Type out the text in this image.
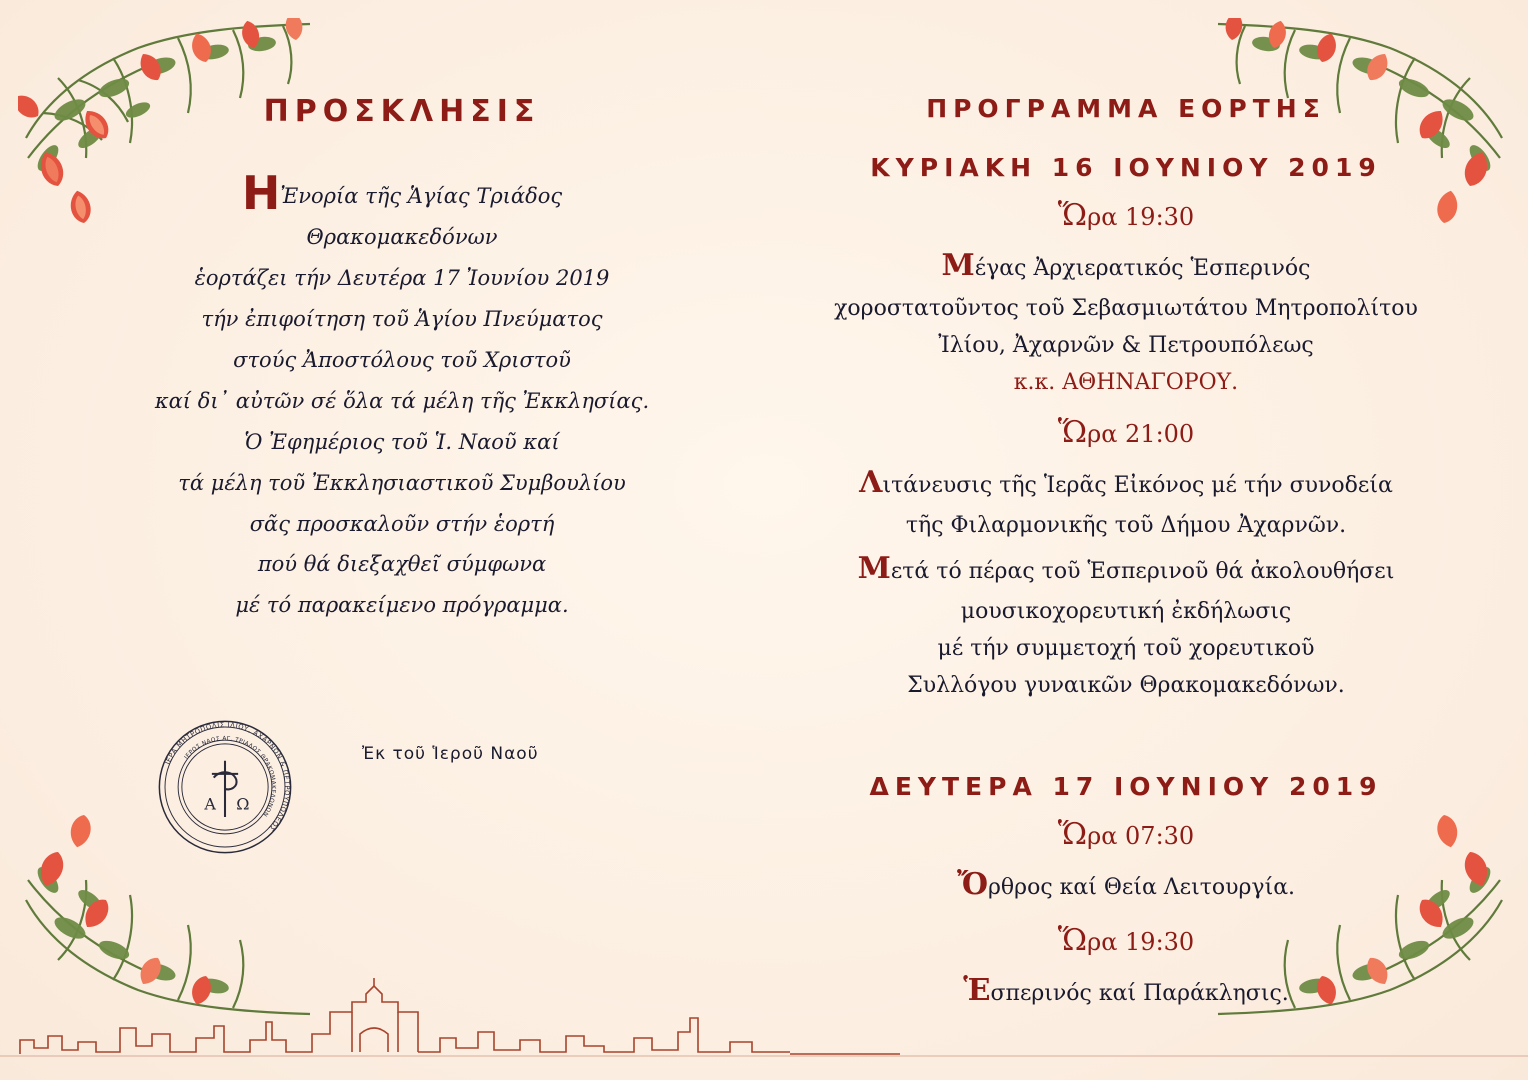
ΠΡΟΣΚΛΗΣΙΣ

ΗἘνορία τῆς Ἁγίας Τριάδος

Θρακομακεδόνων

ἑορτάζει τήν Δευτέρα 17 Ἰουνίου 2019

τήν ἐπιφοίτηση τοῦ Ἁγίου Πνεύματος

στούς Ἀποστόλους τοῦ Χριστοῦ

καί δι᾿ αὐτῶν σέ ὅλα τά μέλη τῆς Ἐκκλησίας.

Ὁ Ἐφημέριος τοῦ Ἱ. Ναοῦ καί

τά μέλη τοῦ Ἐκκλησιαστικοῦ Συμβουλίου

σᾶς προσκαλοῦν στήν ἑορτή

πού θά διεξαχθεῖ σύμφωνα

μέ τό παρακείμενο πρόγραμμα.

ΙΕΡΑ ΜΗΤΡΟΠΟΛΙΣ ΙΛΙΟΥ, ΑΧΑΡΝΩΝ & ΠΕΤΡΟΥΠΟΛΕΩΣ
ΙΕΡΟΣ ΝΑΟΣ ΑΓ. ΤΡΙΑΔΟΣ ΘΡΑΚΟΜΑΚΕΔΟΝΩΝ
Α Ω
Ἐκ τοῦ Ἱεροῦ Ναοῦ
ΠΡΟΓΡΑΜΜΑ ΕΟΡΤΗΣ
ΚΥΡΙΑΚΗ 16 ΙΟΥΝΙΟΥ 2019
Ὥρα 19:30

Μέγας Ἀρχιερατικός Ἑσπερινός

χοροστατοῦντος τοῦ Σεβασμιωτάτου Μητροπολίτου

Ἰλίου, Ἀχαρνῶν & Πετρουπόλεως

κ.κ. ΑΘΗΝΑΓΟΡΟΥ.

Ὥρα 21:00

Λιτάνευσις τῆς Ἱερᾶς Εἰκόνος μέ τήν συνοδεία

τῆς Φιλαρμονικῆς τοῦ Δήμου Ἀχαρνῶν.

Μετά τό πέρας τοῦ Ἑσπερινοῦ θά ἀκολουθήσει

μουσικοχορευτική ἐκδήλωσις

μέ τήν συμμετοχή τοῦ χορευτικοῦ

Συλλόγου γυναικῶν Θρακομακεδόνων.

ΔΕΥΤΕΡΑ 17 ΙΟΥΝΙΟΥ 2019
Ὥρα 07:30

Ὄρθρος καί Θεία Λειτουργία.

Ὥρα 19:30

Ἑσπερινός καί Παράκλησις.
